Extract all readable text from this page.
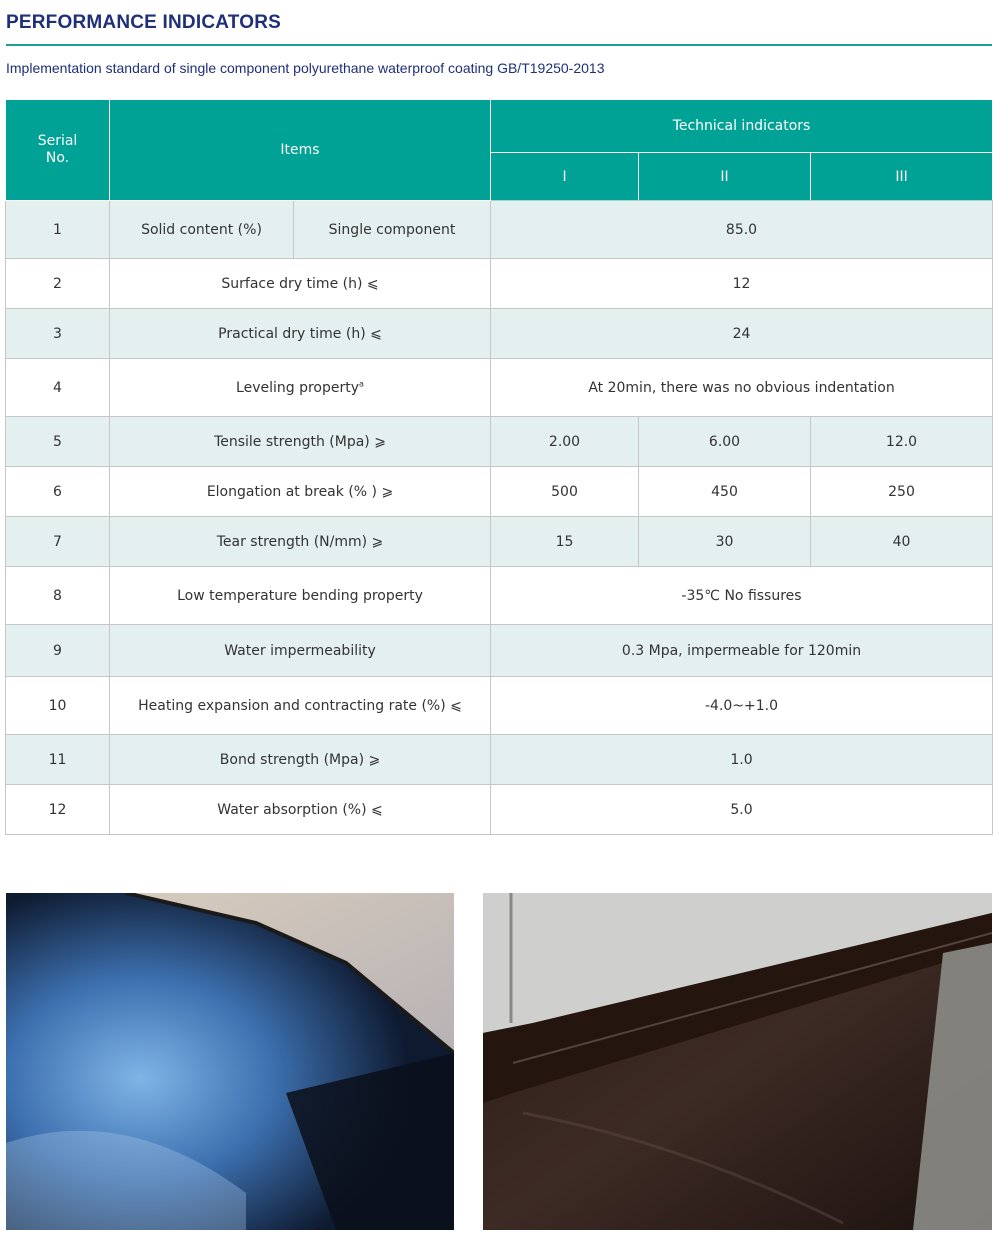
PERFORMANCE INDICATORS

Implementation standard of single component polyurethane waterproof coating GB/T19250-2013

Serial
No.	Items		Technical indicators		
			I	II	III
1	Solid content (%)	Single component	85.0		
2	Surface dry time (h) ⩽		12		
3	Practical dry time (h) ⩽		24		
4	Leveling property$^a$		At 20min, there was no obvious indentation		
5	Tensile strength (Mpa) ⩾		2.00	6.00	12.0
6	Elongation at break (% ) ⩾		500	450	250
7	Tear strength (N/mm) ⩾		15	30	40
8	Low temperature bending property		-35℃ No fissures		
9	Water impermeability		0.3 Mpa, impermeable for 120min		
10	Heating expansion and contracting rate (%) ⩽		-4.0~+1.0		
11	Bond strength (Mpa) ⩾		1.0		
12	Water absorption (%) ⩽		5.0		
